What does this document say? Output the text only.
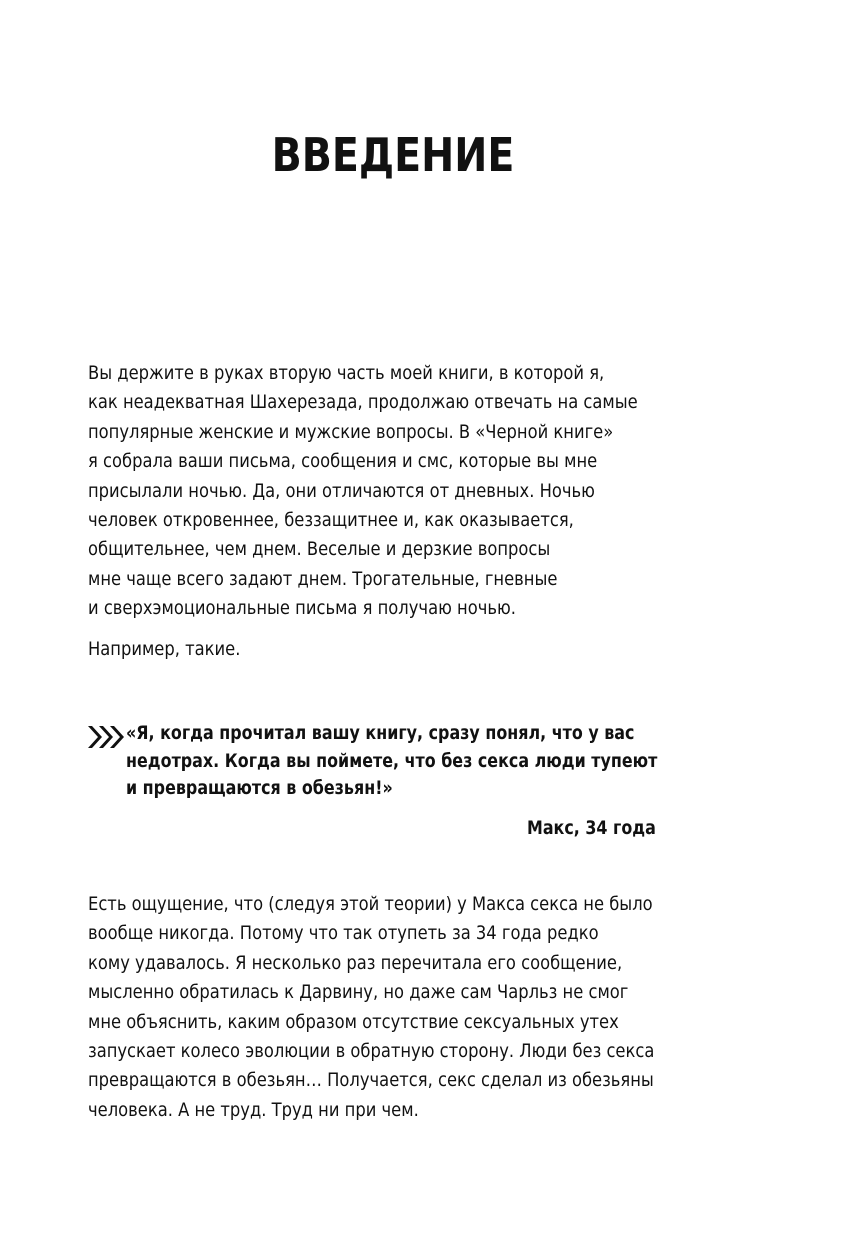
ВВЕДЕНИЕ
Вы держите в руках вторую часть моей книги, в которой я,
как неадекватная Шахерезада, продолжаю отвечать на самые
популярные женские и мужские вопросы. В «Черной книге»
я собрала ваши письма, сообщения и смс, которые вы мне
присылали ночью. Да, они отличаются от дневных. Ночью
человек откровеннее, беззащитнее и, как оказывается,
общительнее, чем днем. Веселые и дерзкие вопросы
мне чаще всего задают днем. Трогательные, гневные
и сверхэмоциональные письма я получаю ночью.
Например, такие.
«Я, когда прочитал вашу книгу, сразу понял, что у вас
недотрах. Когда вы поймете, что без секса люди тупеют
и превращаются в обезьян!»
Макс, 34 года
Есть ощущение, что (следуя этой теории) у Макса секса не было
вообще никогда. Потому что так отупеть за 34 года редко
кому удавалось. Я несколько раз перечитала его сообщение,
мысленно обратилась к Дарвину, но даже сам Чарльз не смог
мне объяснить, каким образом отсутствие сексуальных утех
запускает колесо эволюции в обратную сторону. Люди без секса
превращаются в обезьян… Получается, секс сделал из обезьяны
человека. А не труд. Труд ни при чем.
